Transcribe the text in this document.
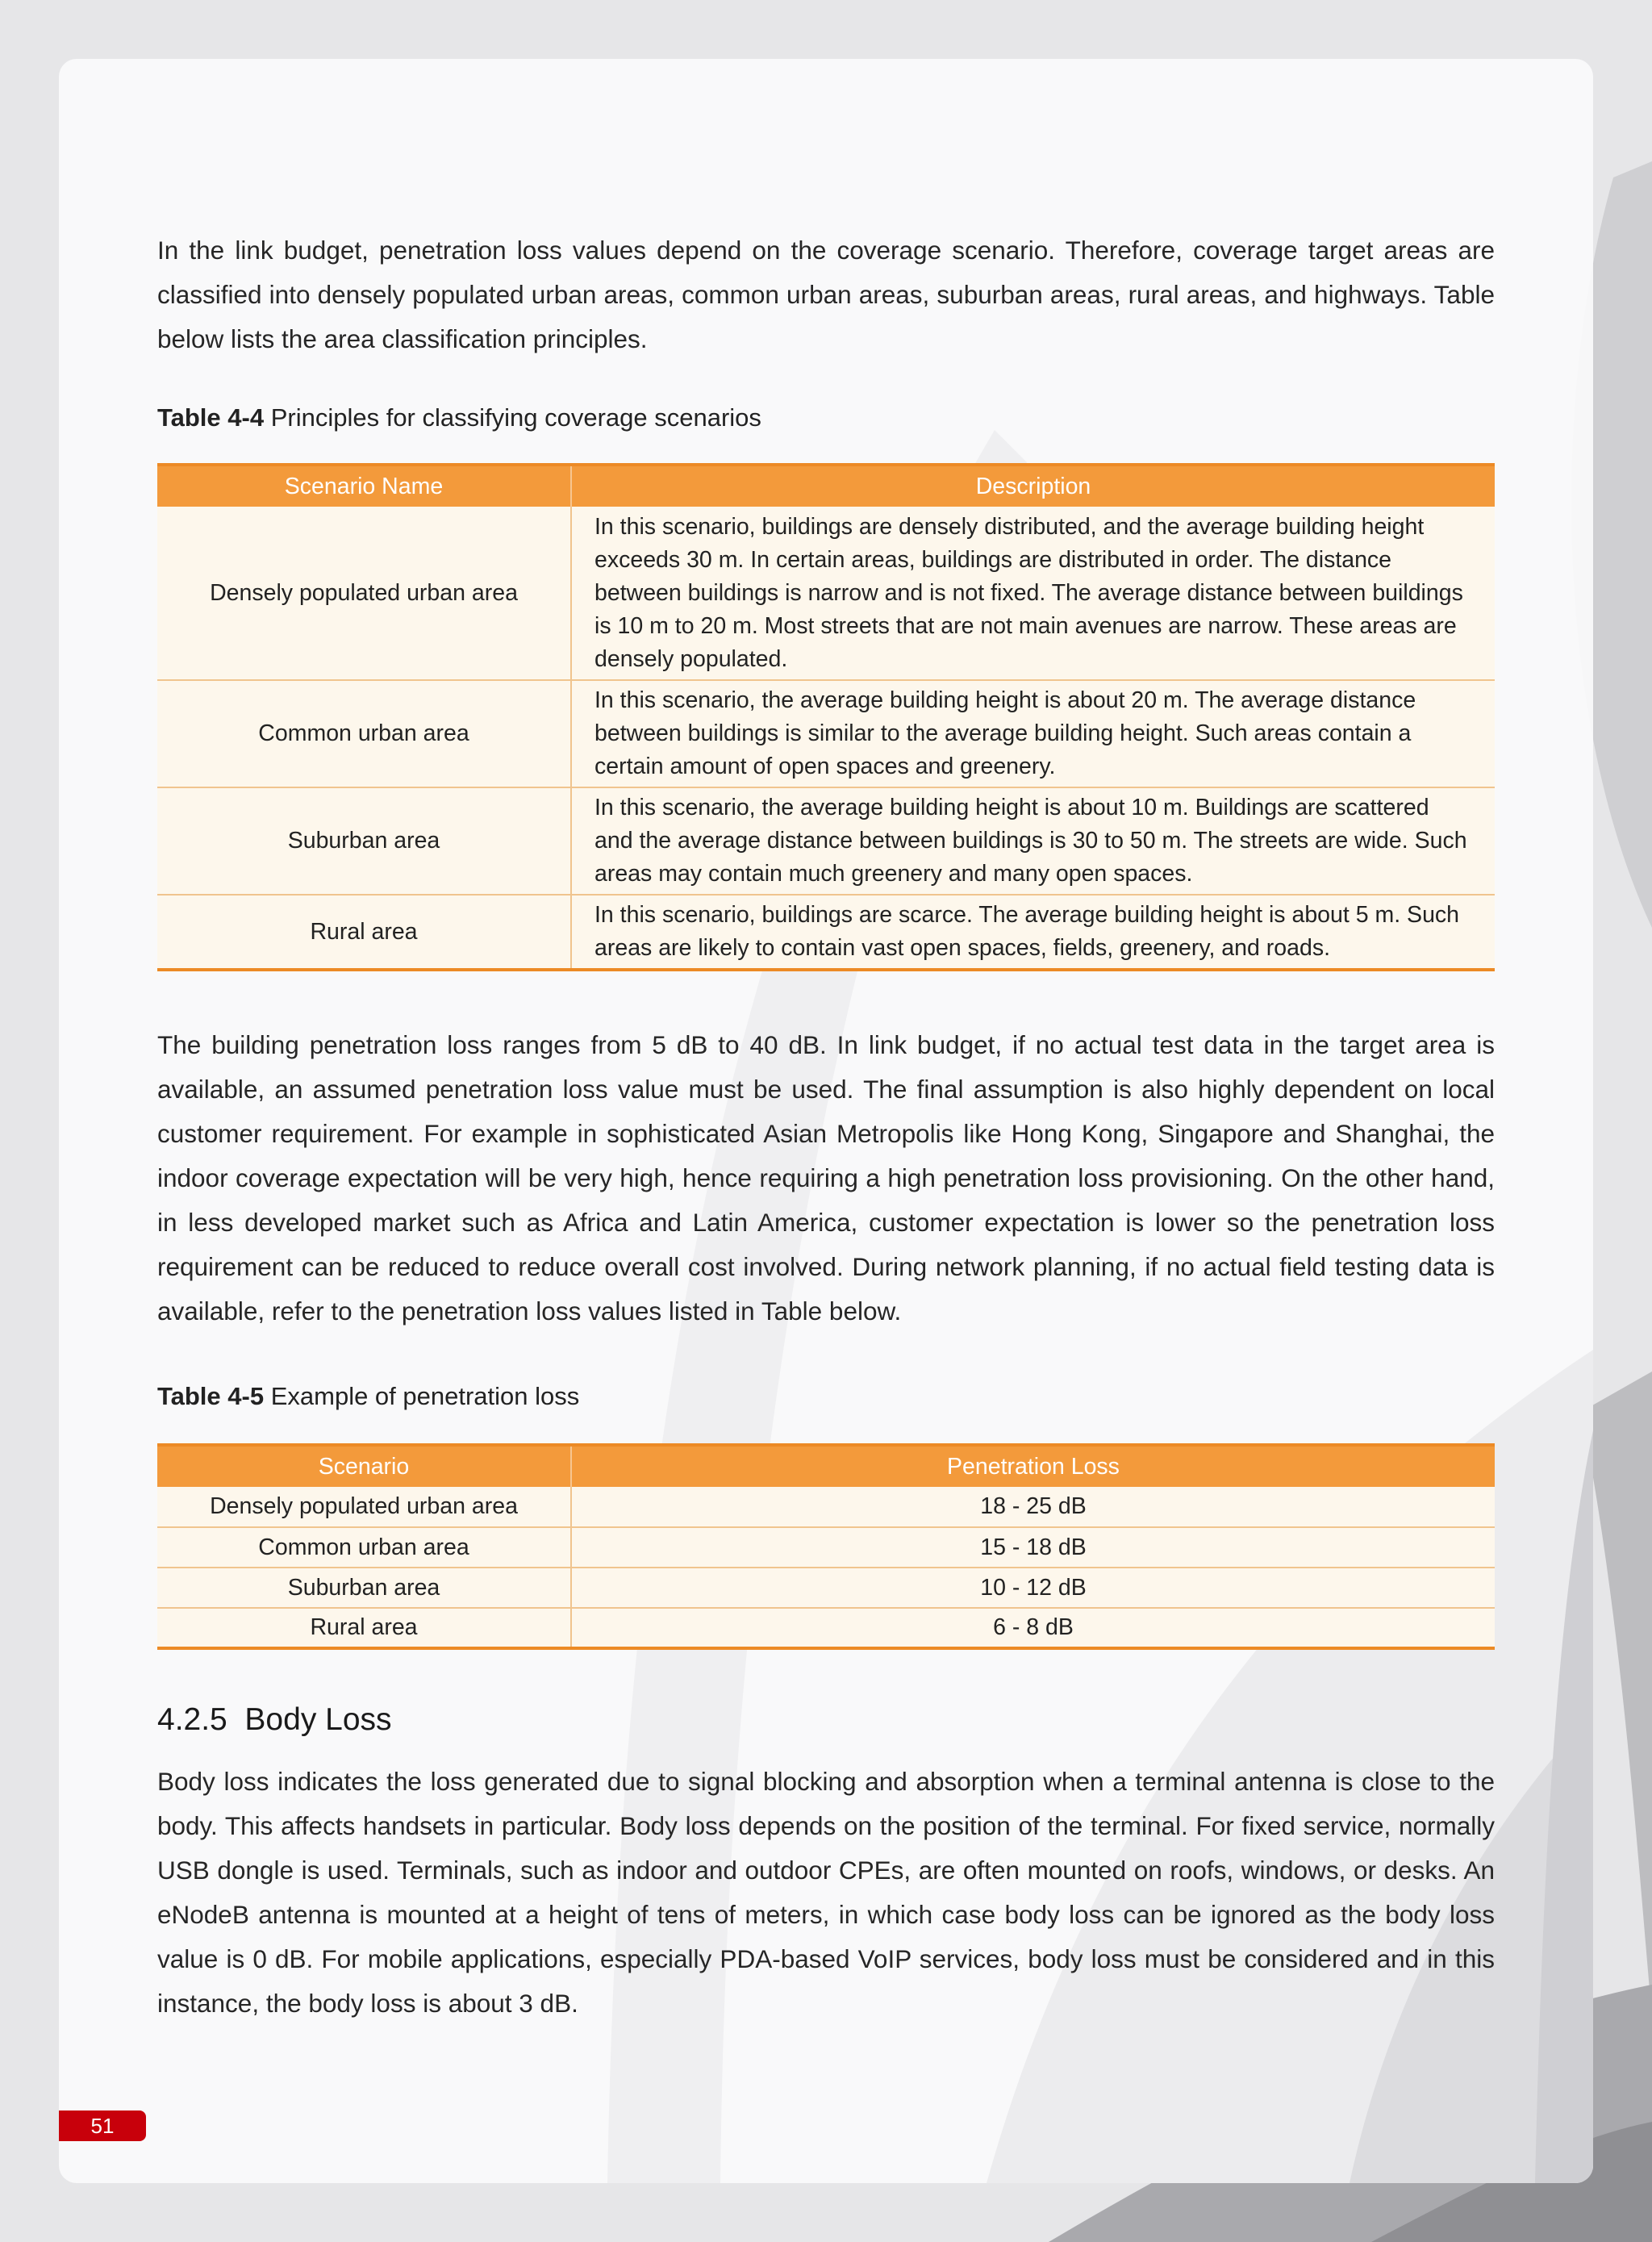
In the link budget, penetration loss values depend on the coverage scenario. Therefore, coverage target areas are classified into densely populated urban areas, common urban areas, suburban areas, rural areas, and highways. Table below lists the area classification principles.

Table 4-4 Principles for classifying coverage scenarios

Scenario Name	Description
Densely populated urban area	In this scenario, buildings are densely distributed, and the average building height exceeds 30 m. In certain areas, buildings are distributed in order. The distance between buildings is narrow and is not fixed. The average distance between buildings is 10 m to 20 m. Most streets that are not main avenues are narrow. These areas are densely populated.
Common urban area	In this scenario, the average building height is about 20 m. The average distance between buildings is similar to the average building height. Such areas contain a certain amount of open spaces and greenery.
Suburban area	In this scenario, the average building height is about 10 m. Buildings are scattered and the average distance between buildings is 30 to 50 m. The streets are wide. Such areas may contain much greenery and many open spaces.
Rural area	In this scenario, buildings are scarce. The average building height is about 5 m. Such areas are likely to contain vast open spaces, fields, greenery, and roads.

The building penetration loss ranges from 5 dB to 40 dB. In link budget, if no actual test data in the target area is available, an assumed penetration loss value must be used. The final assumption is also highly dependent on local customer requirement. For example in sophisticated Asian Metropolis like Hong Kong, Singapore and Shanghai, the indoor coverage expectation will be very high, hence requiring a high penetration loss provisioning. On the other hand, in less developed market such as Africa and Latin America, customer expectation is lower so the penetration loss requirement can be reduced to reduce overall cost involved. During network planning, if no actual field testing data is available, refer to the penetration loss values listed in Table below.

Table 4-5 Example of penetration loss

Scenario	Penetration Loss
Densely populated urban area	18 - 25 dB
Common urban area	15 - 18 dB
Suburban area	10 - 12 dB
Rural area	6 - 8 dB
4.2.5 Body Loss

Body loss indicates the loss generated due to signal blocking and absorption when a terminal antenna is close to the body. This affects handsets in particular. Body loss depends on the position of the terminal. For fixed service, normally USB dongle is used. Terminals, such as indoor and outdoor CPEs, are often mounted on roofs, windows, or desks. An eNodeB antenna is mounted at a height of tens of meters, in which case body loss can be ignored as the body loss value is 0 dB. For mobile applications, especially PDA-based VoIP services, body loss must be considered and in this instance, the body loss is about 3 dB.

51
